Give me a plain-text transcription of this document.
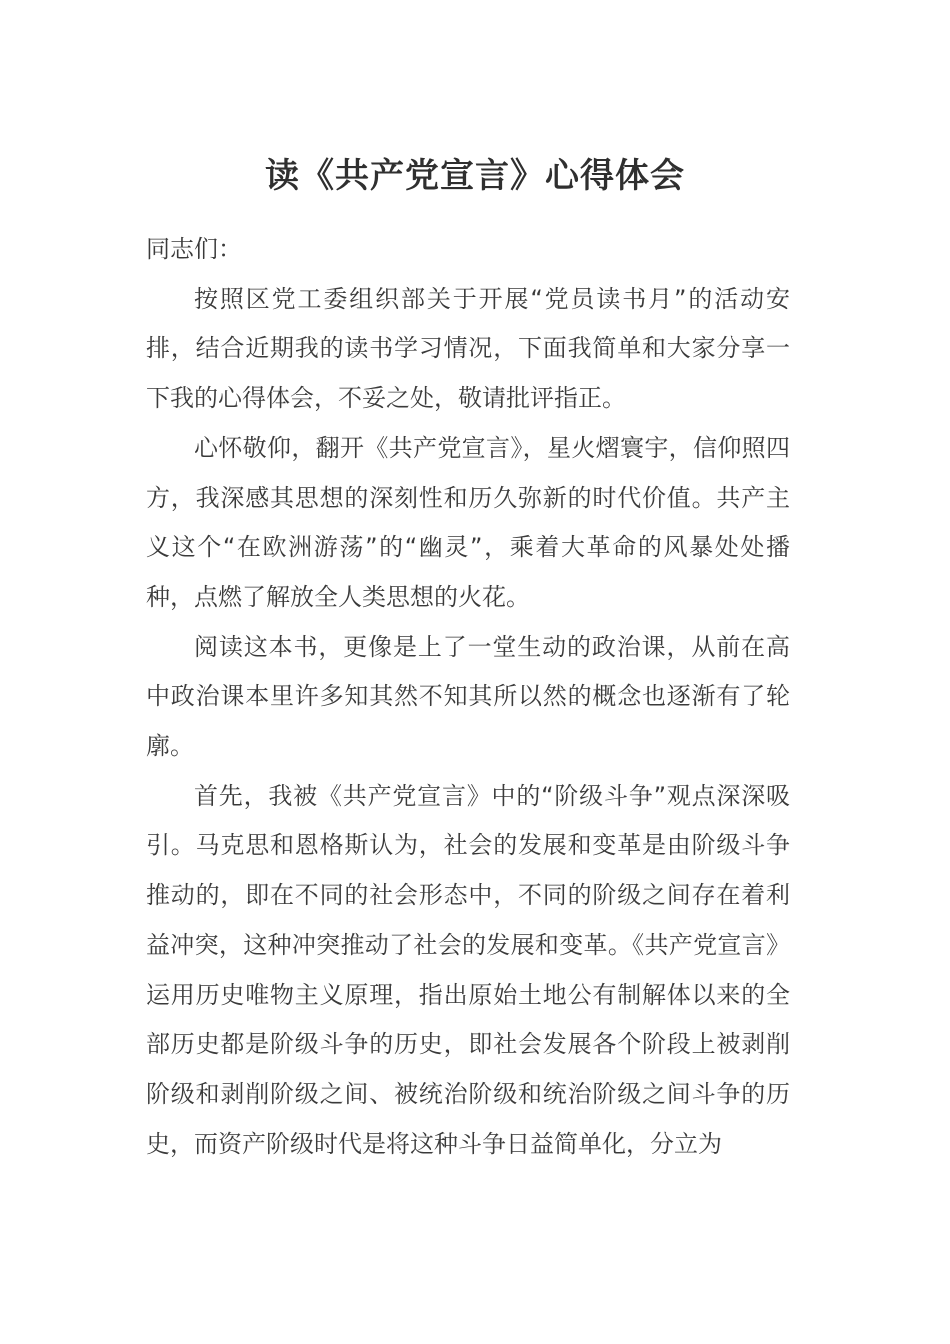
读《共产党宣言》心得体会

同志们：

按照区党工委组织部关于开展“党员读书月”的活动安排，结合近期我的读书学习情况，下面我简单和大家分享一下我的心得体会，不妥之处，敬请批评指正。

心怀敬仰，翻开《共产党宣言》，星火熠寰宇，信仰照四方，我深感其思想的深刻性和历久弥新的时代价值。共产主义这个“在欧洲游荡”的“幽灵”，乘着大革命的风暴处处播种，点燃了解放全人类思想的火花。

阅读这本书，更像是上了一堂生动的政治课，从前在高中政治课本里许多知其然不知其所以然的概念也逐渐有了轮廓。

首先，我被《共产党宣言》中的“阶级斗争”观点深深吸引。马克思和恩格斯认为，社会的发展和变革是由阶级斗争推动的，即在不同的社会形态中，不同的阶级之间存在着利益冲突，这种冲突推动了社会的发展和变革。《共产党宣言》运用历史唯物主义原理，指出原始土地公有制解体以来的全部历史都是阶级斗争的历史，即社会发展各个阶段上被剥削阶级和剥削阶级之间、被统治阶级和统治阶级之间斗争的历史，而资产阶级时代是将这种斗争日益简单化，分立为
